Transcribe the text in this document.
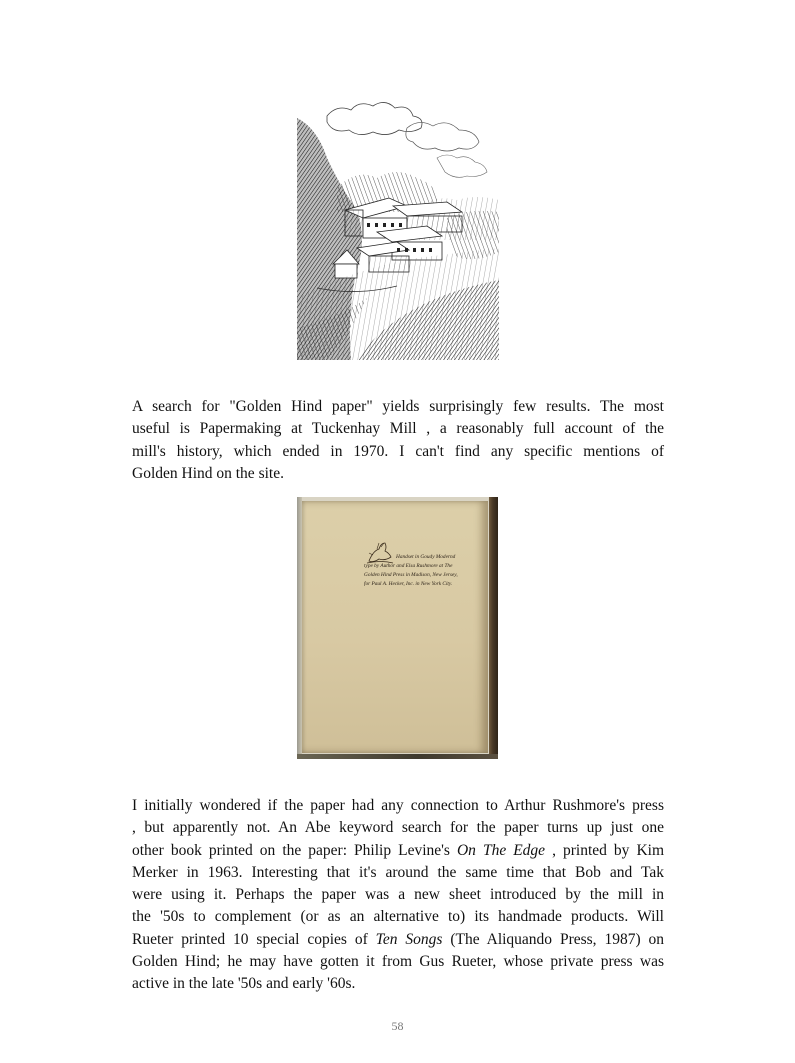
A search for "Golden Hind paper" yields surprisingly few results. The most
useful is Papermaking at Tuckenhay Mill , a reasonably full account of the
mill's history, which ended in 1970. I can't find any specific mentions of
Golden Hind on the site.
Handset in Goudy Modernd
type by Author and Elsa Rushmore at The
Golden Hind Press in Madison, New Jersey,
for Paul A. Hecker, Inc. in New York City.
I initially wondered if the paper had any connection to Arthur Rushmore's press
, but apparently not. An Abe keyword search for the paper turns up just one
other book printed on the paper: Philip Levine's On The Edge , printed by Kim
Merker in 1963. Interesting that it's around the same time that Bob and Tak
were using it. Perhaps the paper was a new sheet introduced by the mill in
the '50s to complement (or as an alternative to) its handmade products. Will
Rueter printed 10 special copies of Ten Songs (The Aliquando Press, 1987) on
Golden Hind; he may have gotten it from Gus Rueter, whose private press was
active in the late '50s and early '60s.
58
